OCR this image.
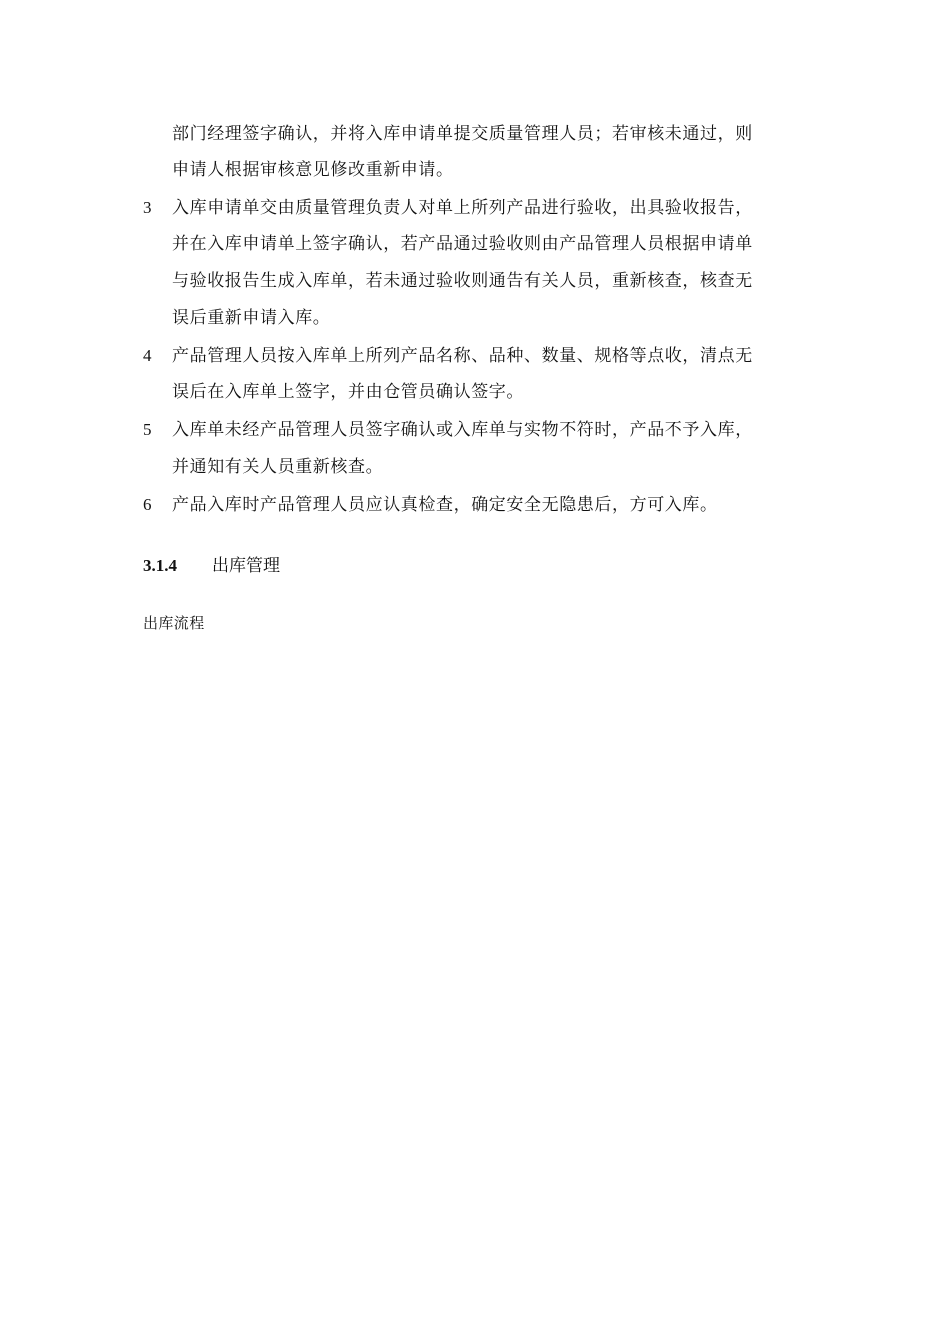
部门经理签字确认，并将入库申请单提交质量管理人员；若审核未通过，则
申请人根据审核意见修改重新申请。
3 入库申请单交由质量管理负责人对单上所列产品进行验收，出具验收报告，
并在入库申请单上签字确认，若产品通过验收则由产品管理人员根据申请单
与验收报告生成入库单，若未通过验收则通告有关人员，重新核查，核查无
误后重新申请入库。
4 产品管理人员按入库单上所列产品名称、品种、数量、规格等点收，清点无
误后在入库单上签字，并由仓管员确认签字。
5 入库单未经产品管理人员签字确认或入库单与实物不符时，产品不予入库，
并通知有关人员重新核查。
6 产品入库时产品管理人员应认真检查，确定安全无隐患后，方可入库。
3.1.4 出库管理
出库流程
